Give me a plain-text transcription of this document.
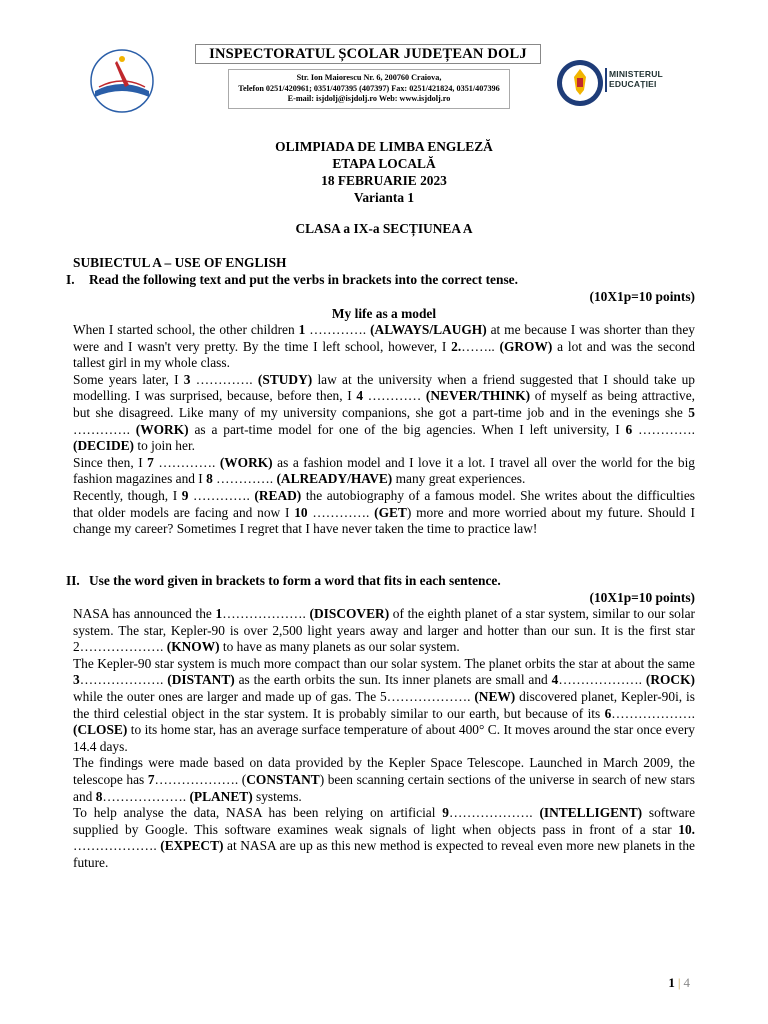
INSPECTORATUL ȘCOLAR JUDEȚEAN DOLJ
Str. Ion Maiorescu Nr. 6, 200760 Craiova,
Telefon 0251/420961; 0351/407395 (407397) Fax: 0251/421824, 0351/407396
E-mail: isjdolj@isjdolj.ro Web: www.isjdolj.ro
MINISTERUL
EDUCAȚIEI
OLIMPIADA DE LIMBA ENGLEZĂ
ETAPA LOCALĂ
18 FEBRUARIE 2023
Varianta 1
CLASA a IX-a SECȚIUNEA A
SUBIECTUL A – USE OF ENGLISH
I. Read the following text and put the verbs in brackets into the correct tense.
(10X1p=10 points)
My life as a model

When I started school, the other children 1 …………. (ALWAYS/LAUGH) at me because I was shorter than they were and I wasn't very pretty. By the time I left school, however, I 2.…….. (GROW) a lot and was the second tallest girl in my whole class.

Some years later, I 3 …………. (STUDY) law at the university when a friend suggested that I should take up modelling. I was surprised, because, before then, I 4 ………… (NEVER/THINK) of myself as being attractive, but she disagreed. Like many of my university companions, she got a part-time job and in the evenings she 5 …………. (WORK) as a part-time model for one of the big agencies. When I left university, I 6 …………. (DECIDE) to join her.

Since then, I 7 …………. (WORK) as a fashion model and I love it a lot. I travel all over the world for the big fashion magazines and I 8 …………. (ALREADY/HAVE) many great experiences.

Recently, though, I 9 …………. (READ) the autobiography of a famous model. She writes about the difficulties that older models are facing and now I 10 …………. (GET) more and more worried about my future. Should I change my career? Sometimes I regret that I have never taken the time to practice law!

II. Use the word given in brackets to form a word that fits in each sentence.
(10X1p=10 points)

NASA has announced the 1………………. (DISCOVER) of the eighth planet of a star system, similar to our solar system. The star, Kepler-90 is over 2,500 light years away and larger and hotter than our sun. It is the first star 2………………. (KNOW) to have as many planets as our solar system.

The Kepler-90 star system is much more compact than our solar system. The planet orbits the star at about the same 3………………. (DISTANT) as the earth orbits the sun. Its inner planets are small and 4………………. (ROCK) while the outer ones are larger and made up of gas. The 5………………. (NEW) discovered planet, Kepler-90i, is the third celestial object in the star system. It is probably similar to our earth, but because of its 6………………. (CLOSE) to its home star, has an average surface temperature of about 400° C. It moves around the star once every 14.4 days.

The findings were made based on data provided by the Kepler Space Telescope. Launched in March 2009, the telescope has 7………………. (CONSTANT) been scanning certain sections of the universe in search of new stars and 8………………. (PLANET) systems.

To help analyse the data, NASA has been relying on artificial 9………………. (INTELLIGENT) software supplied by Google. This software examines weak signals of light when objects pass in front of a star 10. ………………. (EXPECT) at NASA are up as this new method is expected to reveal even more new planets in the future.

1 | 4
